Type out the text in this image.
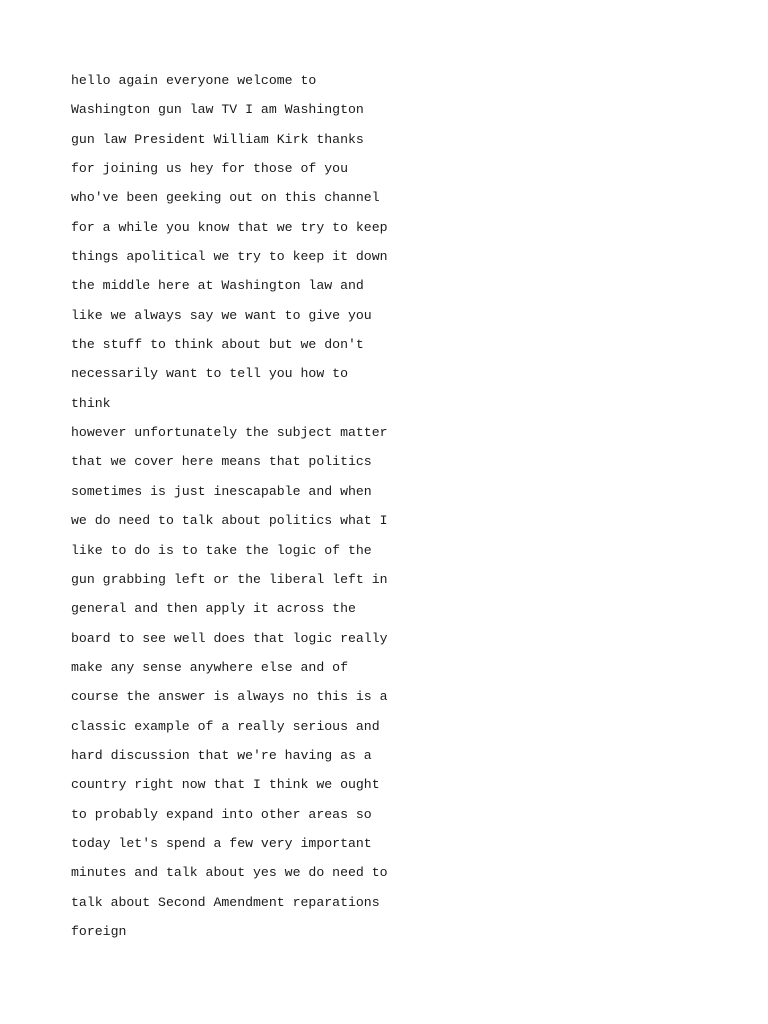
hello again everyone welcome to
Washington gun law TV I am Washington
gun law President William Kirk thanks
for joining us hey for those of you
who've been geeking out on this channel
for a while you know that we try to keep
things apolitical we try to keep it down
the middle here at Washington law and
like we always say we want to give you
the stuff to think about but we don't
necessarily want to tell you how to
think
however unfortunately the subject matter
that we cover here means that politics
sometimes is just inescapable and when
we do need to talk about politics what I
like to do is to take the logic of the
gun grabbing left or the liberal left in
general and then apply it across the
board to see well does that logic really
make any sense anywhere else and of
course the answer is always no this is a
classic example of a really serious and
hard discussion that we're having as a
country right now that I think we ought
to probably expand into other areas so
today let's spend a few very important
minutes and talk about yes we do need to
talk about Second Amendment reparations
foreign
